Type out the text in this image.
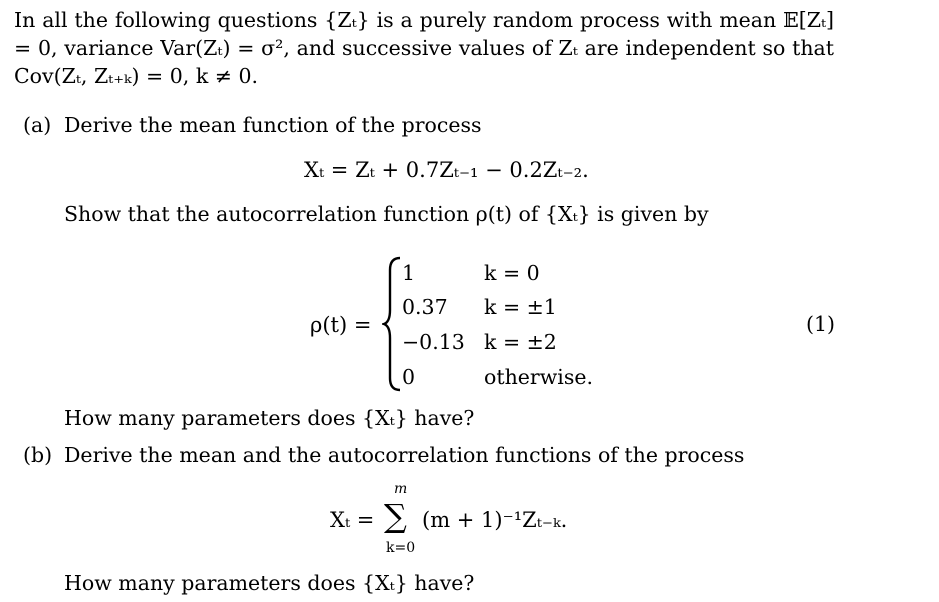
In all the following questions {Zₜ} is a purely random process with mean 𝔼[Zₜ] = 0, variance Var(Zₜ) = σ², and successive values of Zₜ are independent so that Cov(Zₜ, Zₜ₊ₖ) = 0, k ≠ 0.
(a) Derive the mean function of the process
Xₜ = Zₜ + 0.7Zₜ₋₁ − 0.2Zₜ₋₂.
Show that the autocorrelation function ρ(t) of {Xₜ} is given by
ρ(t) =
1	k = 0
0.37 k = ±1
−0.13 k = ±2
0	otherwise.
(1)
How many parameters does {Xₜ} have?
(b) Derive the mean and the autocorrelation functions of the process
Xₜ =
m
∑
k=0
(m + 1)⁻¹Zₜ₋ₖ.
How many parameters does {Xₜ} have?
